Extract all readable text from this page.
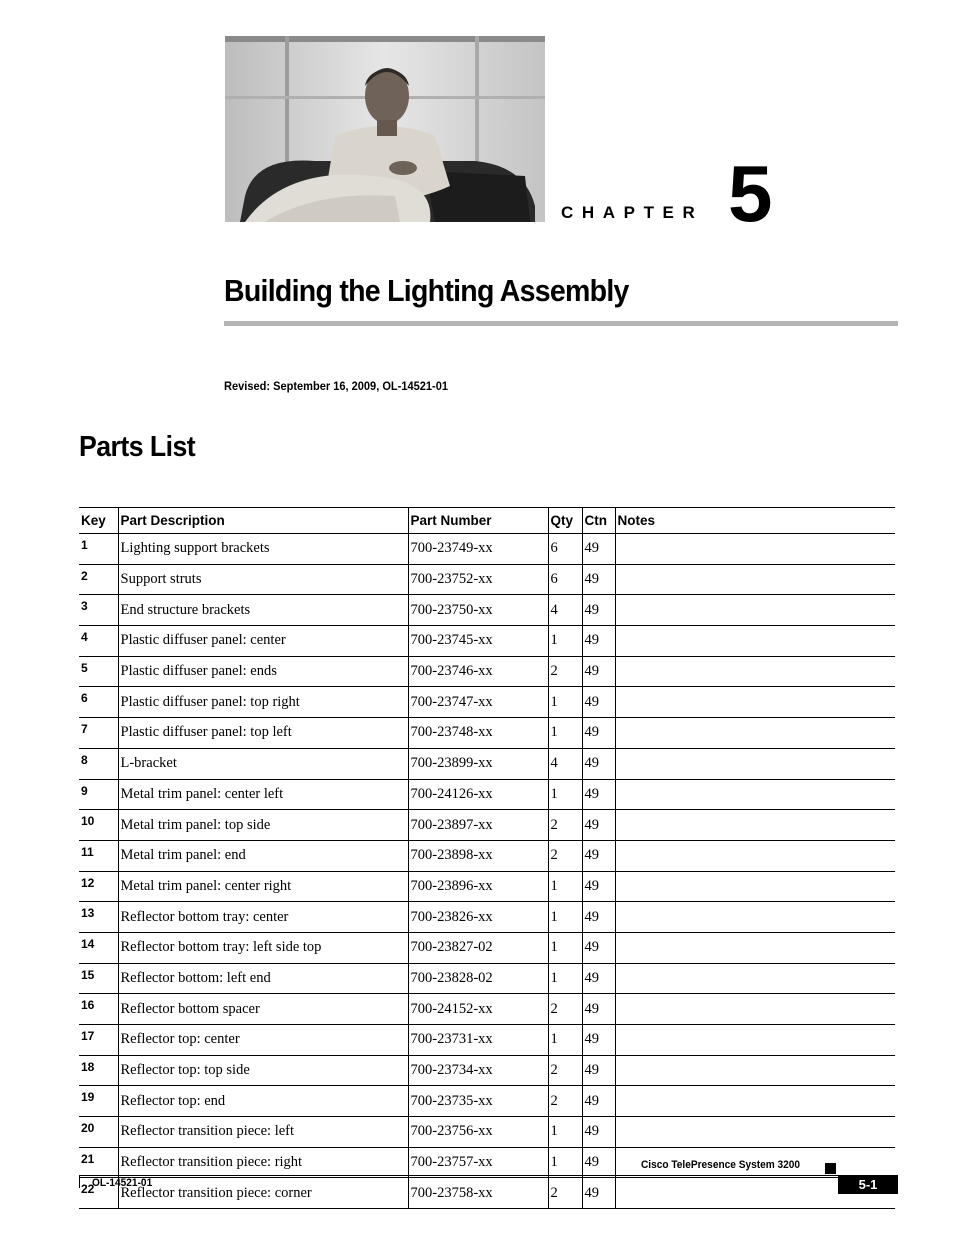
CHAPTER 5
Building the Lighting Assembly
Revised: September 16, 2009, OL-14521-01
Parts List
Key	Part Description	Part Number	Qty	Ctn	Notes
1	Lighting support brackets	700-23749-xx	6	49	
2	Support struts	700-23752-xx	6	49	
3	End structure brackets	700-23750-xx	4	49	
4	Plastic diffuser panel: center	700-23745-xx	1	49	
5	Plastic diffuser panel: ends	700-23746-xx	2	49	
6	Plastic diffuser panel: top right	700-23747-xx	1	49	
7	Plastic diffuser panel: top left	700-23748-xx	1	49	
8	L-bracket	700-23899-xx	4	49	
9	Metal trim panel: center left	700-24126-xx	1	49	
10	Metal trim panel: top side	700-23897-xx	2	49	
11	Metal trim panel: end	700-23898-xx	2	49	
12	Metal trim panel: center right	700-23896-xx	1	49	
13	Reflector bottom tray: center	700-23826-xx	1	49	
14	Reflector bottom tray: left side top	700-23827-02	1	49	
15	Reflector bottom: left end	700-23828-02	1	49	
16	Reflector bottom spacer	700-24152-xx	2	49	
17	Reflector top: center	700-23731-xx	1	49	
18	Reflector top: top side	700-23734-xx	2	49	
19	Reflector top: end	700-23735-xx	2	49	
20	Reflector transition piece: left	700-23756-xx	1	49	
21	Reflector transition piece: right	700-23757-xx	1	49	
22	Reflector transition piece: corner	700-23758-xx	2	49	
Cisco TelePresence System 3200
OL-14521-01	5-1
